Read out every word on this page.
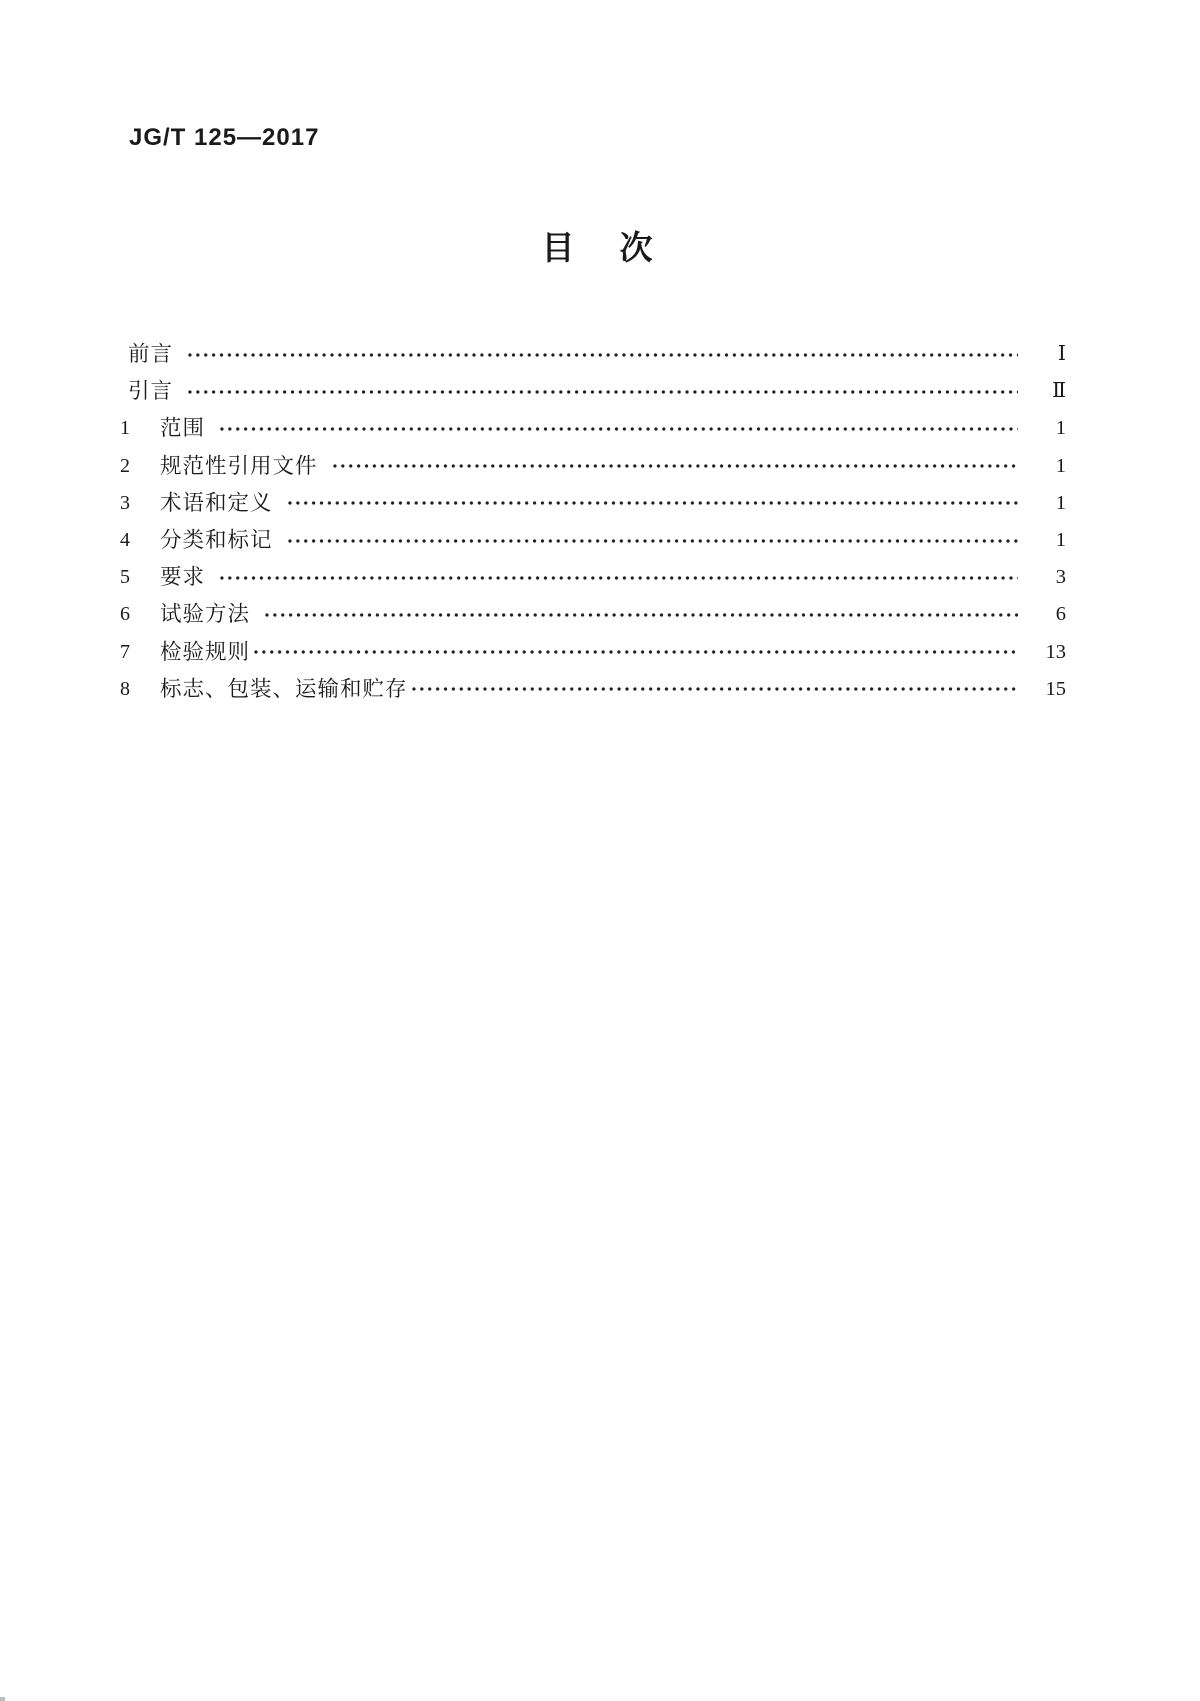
JG/T 125—2017
目　次
前言	Ⅰ
引言	Ⅱ
1	范围	1
2	规范性引用文件	1
3	术语和定义	1
4	分类和标记	1
5	要求	3
6	试验方法	6
7	检验规则	13
8	标志、包装、运输和贮存	15
